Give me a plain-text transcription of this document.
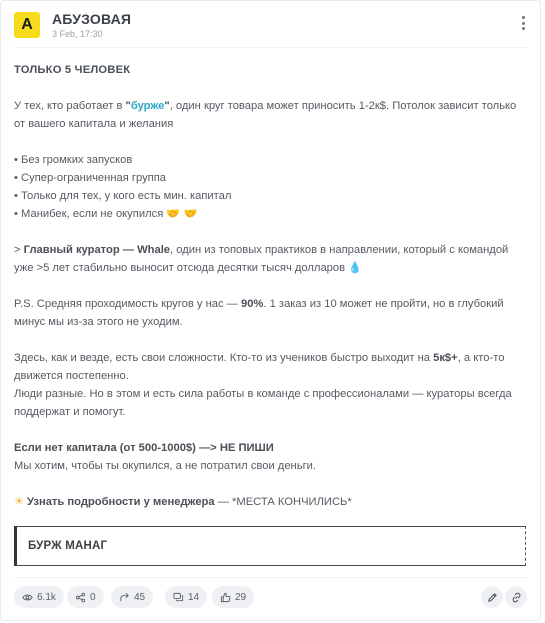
A	АБУЗОВАЯ
3 Feb, 17:30

ТОЛЬКО 5 ЧЕЛОВЕК

У тех, кто работает в "бурже", один круг товара может приносить 1-2к$. Потолок зависит только от вашего капитала и желания

• Без громких запусков

• Супер-ограниченная группа

• Только для тех, у кого есть мин. капитал

• Манибек, если не окупился 🤝 🤝

> Главный куратор — Whale, один из топовых практиков в направлении, который с командой уже >5 лет стабильно выносит отсюда десятки тысяч долларов 💧

P.S. Средняя проходимость кругов у нас — 90%. 1 заказ из 10 может не пройти, но в глубокий минус мы из-за этого не уходим.

Здесь, как и везде, есть свои сложности. Кто-то из учеников быстро выходит на 5к$+, а кто-то движется постепенно.

Люди разные. Но в этом и есть сила работы в команде с профессионалами — кураторы всегда поддержат и помогут.

Если нет капитала (от 500-1000$) —> НЕ ПИШИ

Мы хотим, чтобы ты окупился, а не потратил свои деньги.

☀ Узнать подробности у менеджера — *МЕСТА КОНЧИЛИСЬ*

БУРЖ МАНАГ
6.1k	0	45	14	29
